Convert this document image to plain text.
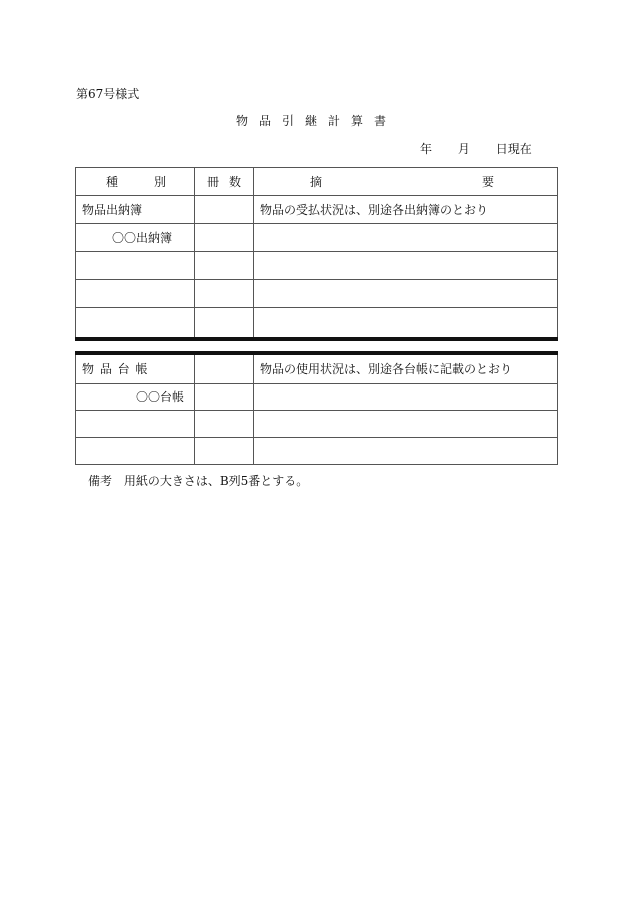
第67号様式
物品引継計算書
年 月 日現在
種 別	冊 数	摘 要
物品出納簿		物品の受払状況は、別途各出納簿のとおり
〇〇出納簿		

物 品 台 帳		物品の使用状況は、別途各台帳に記載のとおり
〇〇台帳		

備考 用紙の大きさは、B列5番とする。
